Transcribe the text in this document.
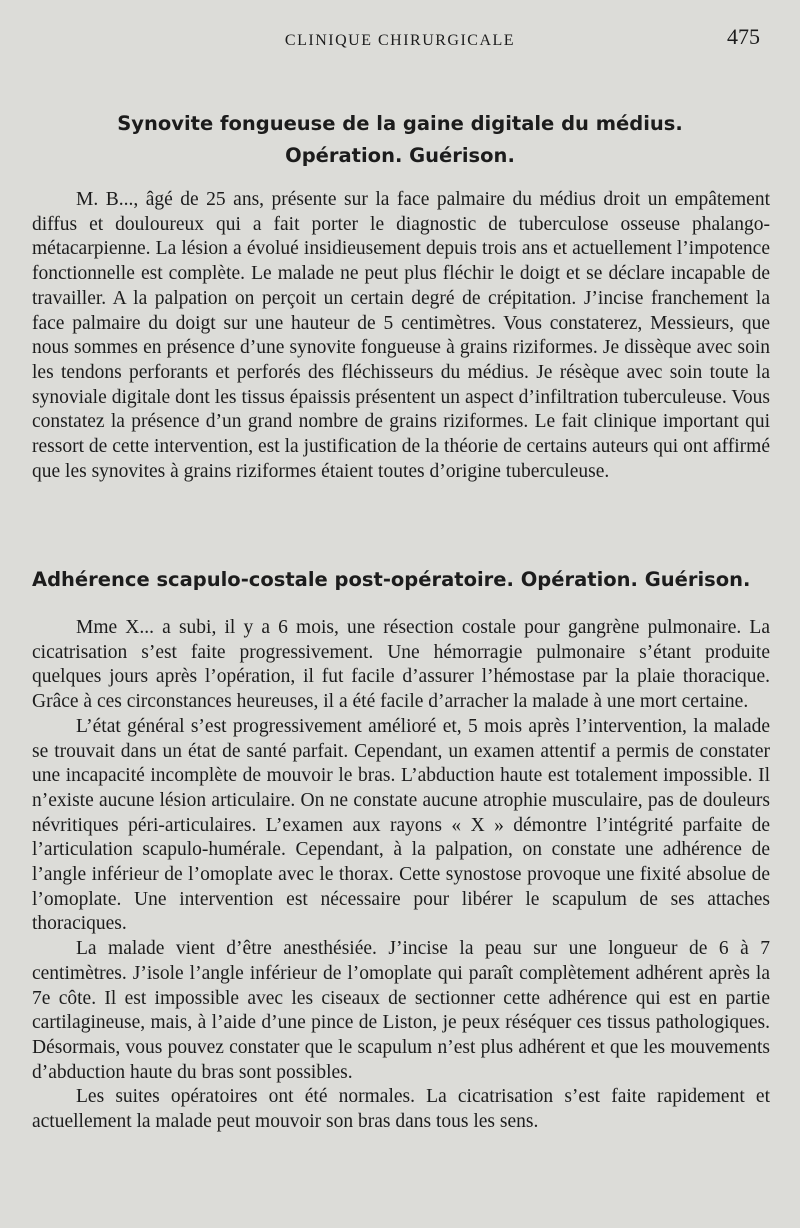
CLINIQUE CHIRURGICALE	475
Synovite fongueuse de la gaine digitale du médius.
Opération. Guérison.

M. B..., âgé de 25 ans, présente sur la face palmaire du médius droit un empâtement diffus et douloureux qui a fait porter le diagnostic de tuberculose osseuse phalango-métacarpienne. La lésion a évolué insidieusement depuis trois ans et actuellement l’impotence fonctionnelle est complète. Le malade ne peut plus fléchir le doigt et se déclare incapable de travailler. A la palpation on perçoit un certain degré de crépitation. J’incise franchement la face palmaire du doigt sur une hauteur de 5 centimètres. Vous constaterez, Messieurs, que nous sommes en présence d’une synovite fongueuse à grains riziformes. Je dissèque avec soin les tendons perforants et perforés des fléchisseurs du médius. Je résèque avec soin toute la synoviale digitale dont les tissus épaissis présentent un aspect d’infiltration tuberculeuse. Vous constatez la présence d’un grand nombre de grains riziformes. Le fait clinique important qui ressort de cette intervention, est la justification de la théorie de certains auteurs qui ont affirmé que les synovites à grains riziformes étaient toutes d’origine tuberculeuse.

Adhérence scapulo-costale post-opératoire. Opération. Guérison.

Mme X... a subi, il y a 6 mois, une résection costale pour gangrène pulmonaire. La cicatrisation s’est faite progressivement. Une hémorragie pulmonaire s’étant produite quelques jours après l’opération, il fut facile d’assurer l’hémostase par la plaie thoracique. Grâce à ces circonstances heureuses, il a été facile d’arracher la malade à une mort certaine.

L’état général s’est progressivement amélioré et, 5 mois après l’intervention, la malade se trouvait dans un état de santé parfait. Cependant, un examen attentif a permis de constater une incapacité incomplète de mouvoir le bras. L’abduction haute est totalement impossible. Il n’existe aucune lésion articulaire. On ne constate aucune atrophie musculaire, pas de douleurs névritiques péri-articulaires. L’examen aux rayons « X » démontre l’intégrité parfaite de l’articulation scapulo-humérale. Cependant, à la palpation, on constate une adhérence de l’angle inférieur de l’omoplate avec le thorax. Cette synostose provoque une fixité absolue de l’omoplate. Une intervention est nécessaire pour libérer le scapulum de ses attaches thoraciques.

La malade vient d’être anesthésiée. J’incise la peau sur une longueur de 6 à 7 centimètres. J’isole l’angle inférieur de l’omoplate qui paraît complètement adhérent après la 7e côte. Il est impossible avec les ciseaux de sectionner cette adhérence qui est en partie cartilagineuse, mais, à l’aide d’une pince de Liston, je peux réséquer ces tissus pathologiques. Désormais, vous pouvez constater que le scapulum n’est plus adhérent et que les mouvements d’abduction haute du bras sont possibles.

Les suites opératoires ont été normales. La cicatrisation s’est faite rapidement et actuellement la malade peut mouvoir son bras dans tous les sens.
